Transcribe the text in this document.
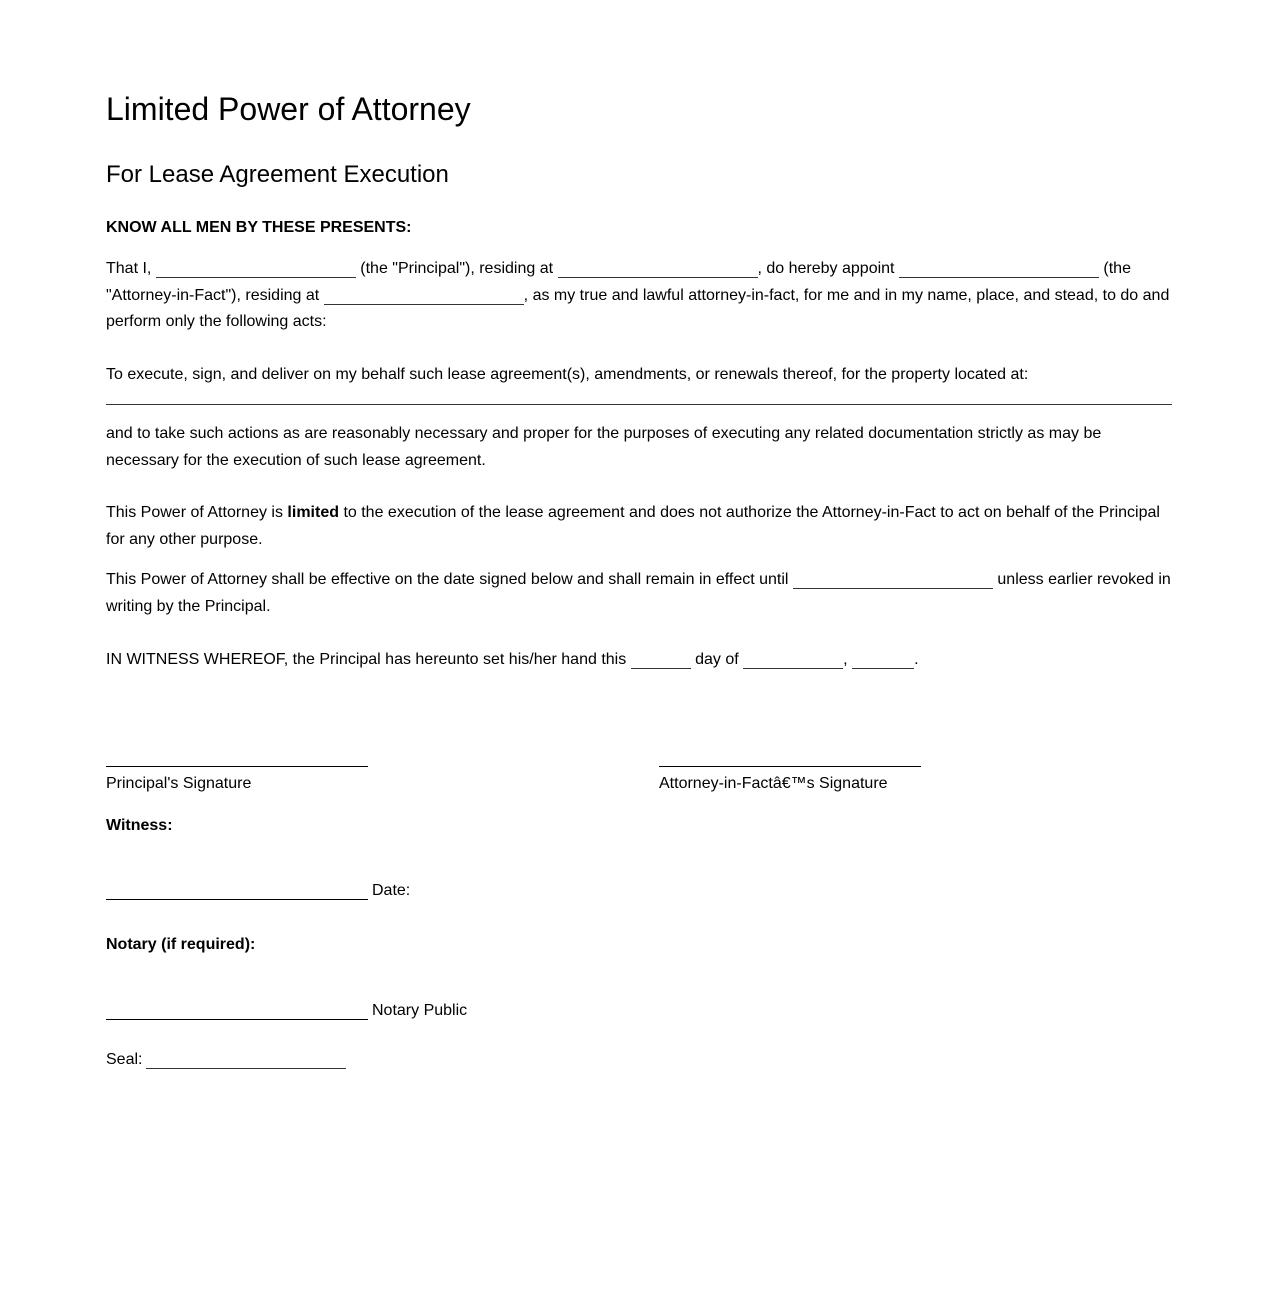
Limited Power of Attorney
For Lease Agreement Execution

KNOW ALL MEN BY THESE PRESENTS:

That I,	(the "Principal"), residing at	, do hereby appoint	(the "Attorney-in-Fact"), residing at	, as my true and lawful attorney-in-fact, for me and in my name, place, and stead, to do and perform only the following acts:

To execute, sign, and deliver on my behalf such lease agreement(s), amendments, or renewals thereof, for the property located at:

and to take such actions as are reasonably necessary and proper for the purposes of executing any related documentation strictly as may be necessary for the execution of such lease agreement.

This Power of Attorney is limited to the execution of the lease agreement and does not authorize the Attorney-in-Fact to act on behalf of the Principal for any other purpose.

This Power of Attorney shall be effective on the date signed below and shall remain in effect until	unless earlier revoked in writing by the Principal.

IN WITNESS WHEREOF, the Principal has hereunto set his/her hand this	day of	,	.

Principal's Signature	Attorney-in-Factâ€™s Signature
Witness:
Date:
Notary (if required):
Notary Public
Seal:
